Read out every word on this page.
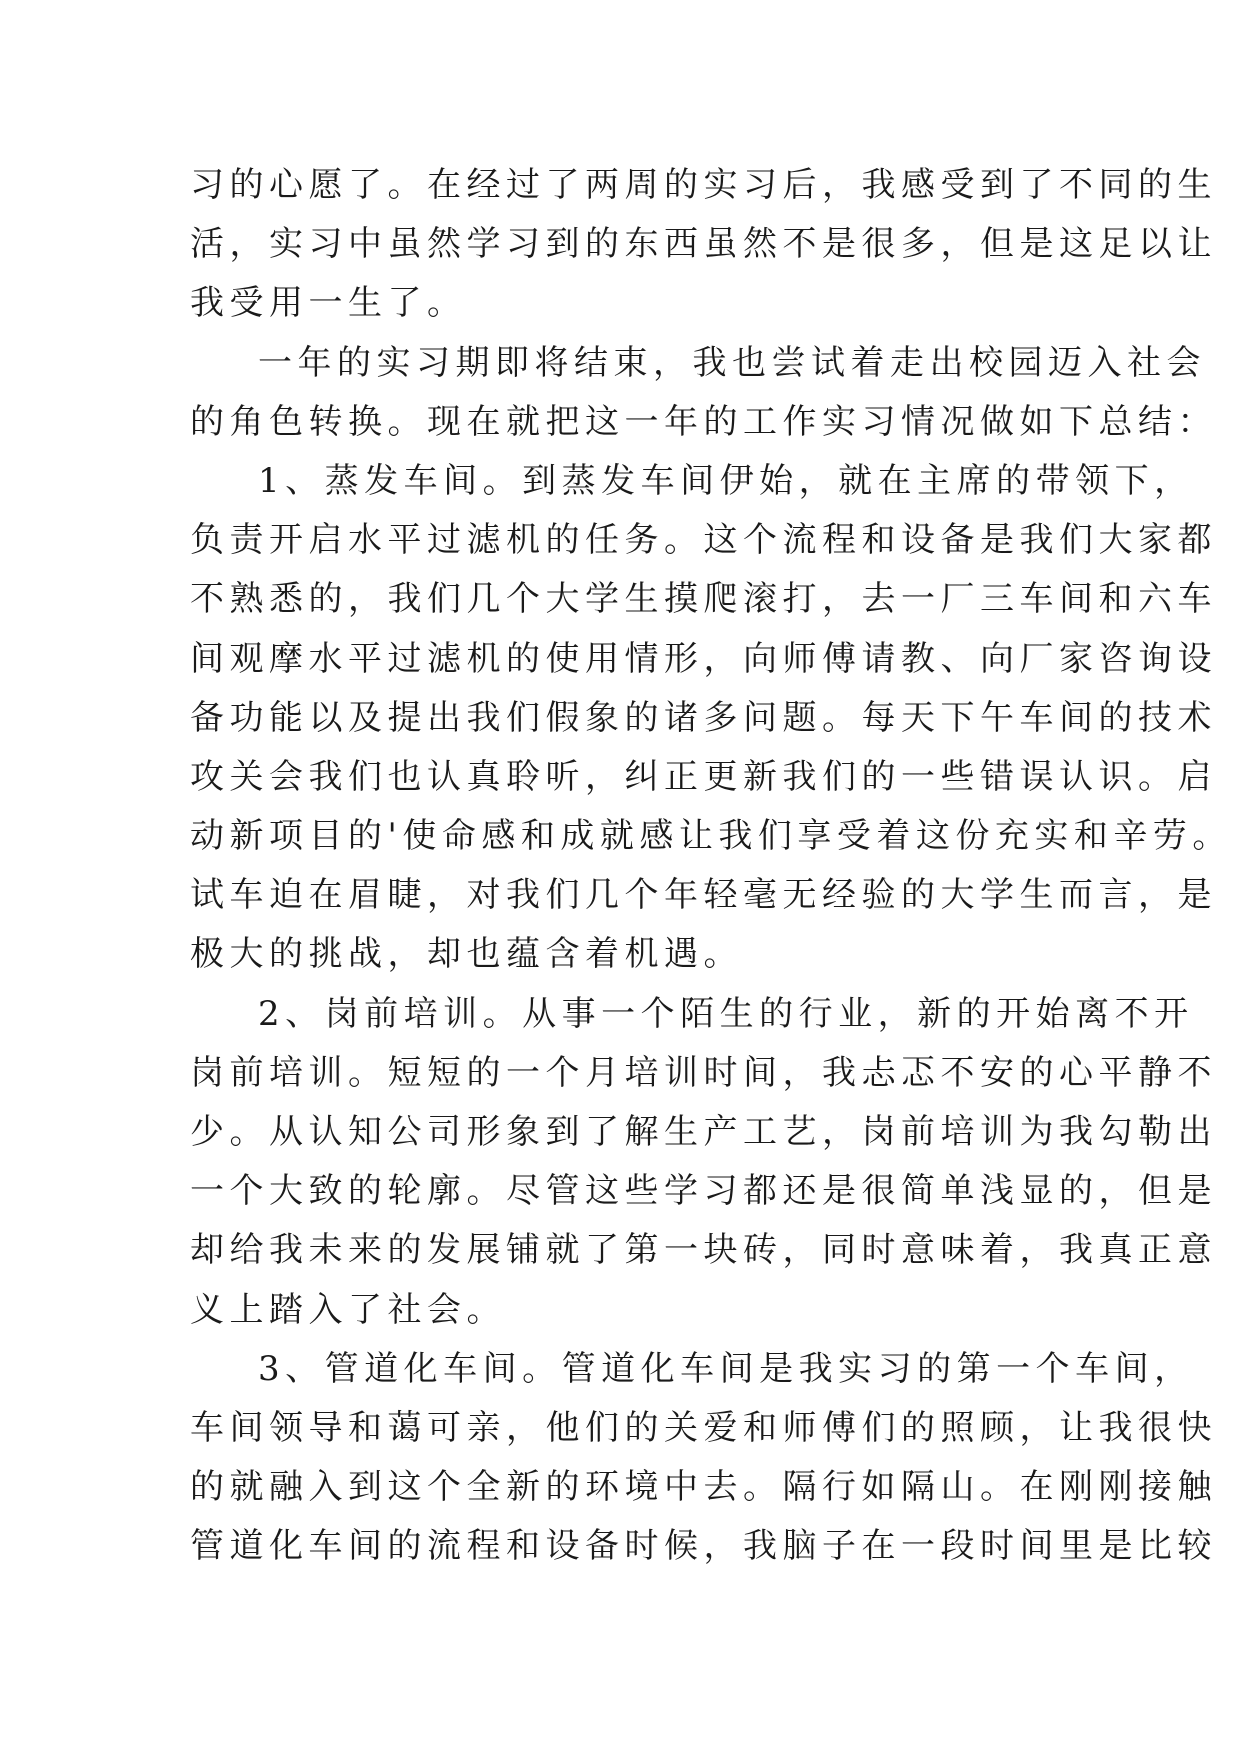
习的心愿了。在经过了两周的实习后，我感受到了不同的生
活，实习中虽然学习到的东西虽然不是很多，但是这足以让
我受用一生了。
一年的实习期即将结束，我也尝试着走出校园迈入社会
的角色转换。现在就把这一年的工作实习情况做如下总结：
1、蒸发车间。到蒸发车间伊始，就在主席的带领下，
负责开启水平过滤机的任务。这个流程和设备是我们大家都
不熟悉的，我们几个大学生摸爬滚打，去一厂三车间和六车
间观摩水平过滤机的使用情形，向师傅请教、向厂家咨询设
备功能以及提出我们假象的诸多问题。每天下午车间的技术
攻关会我们也认真聆听，纠正更新我们的一些错误认识。启
动新项目的'使命感和成就感让我们享受着这份充实和辛劳。
试车迫在眉睫，对我们几个年轻毫无经验的大学生而言，是
极大的挑战，却也蕴含着机遇。
2、岗前培训。从事一个陌生的行业，新的开始离不开
岗前培训。短短的一个月培训时间，我忐忑不安的心平静不
少。从认知公司形象到了解生产工艺，岗前培训为我勾勒出
一个大致的轮廓。尽管这些学习都还是很简单浅显的，但是
却给我未来的发展铺就了第一块砖，同时意味着，我真正意
义上踏入了社会。
3、管道化车间。管道化车间是我实习的第一个车间，
车间领导和蔼可亲，他们的关爱和师傅们的照顾，让我很快
的就融入到这个全新的环境中去。隔行如隔山。在刚刚接触
管道化车间的流程和设备时候，我脑子在一段时间里是比较
